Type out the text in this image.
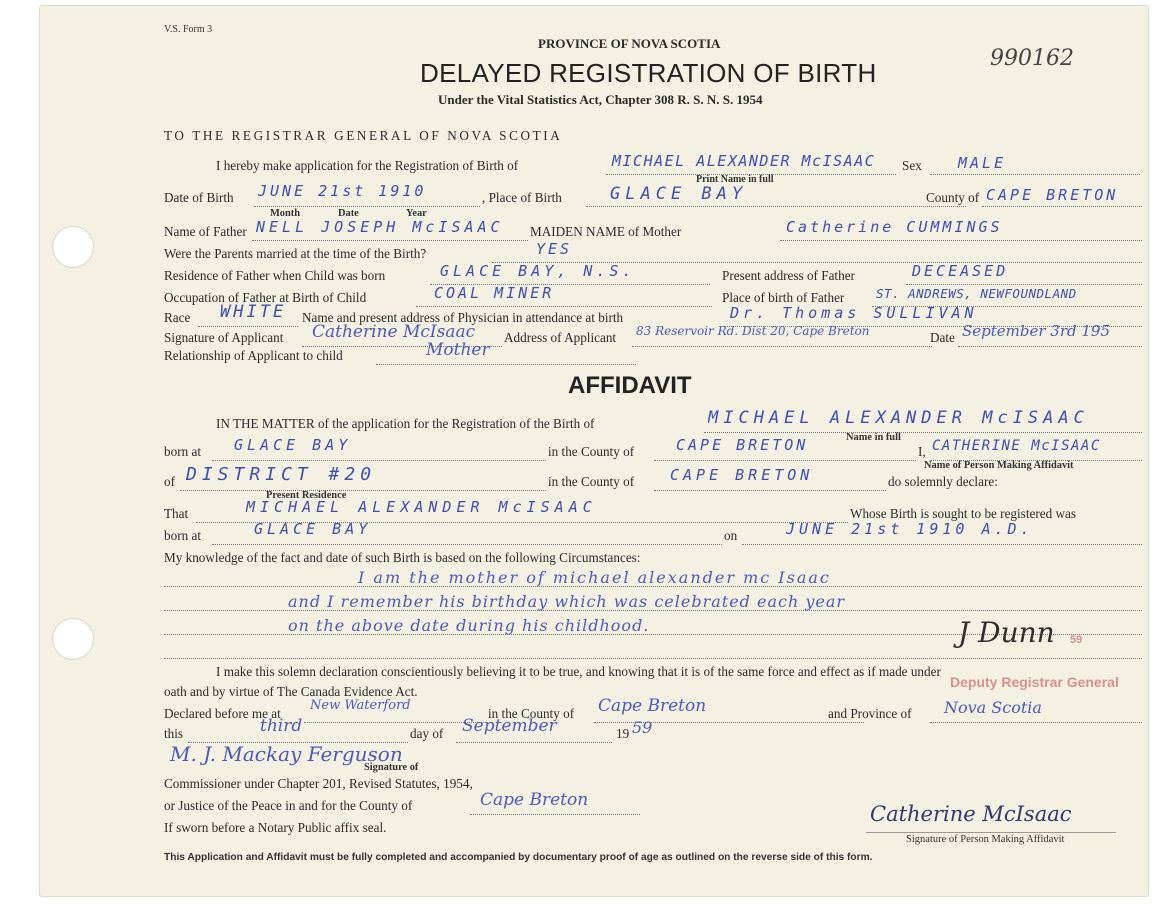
V.S. Form 3
PROVINCE OF NOVA SCOTIA
DELAYED REGISTRATION OF BIRTH
Under the Vital Statistics Act, Chapter 308 R. S. N. S. 1954
990162
TO THE REGISTRAR GENERAL OF NOVA SCOTIA
I hereby make application for the Registration of Birth of	MICHAEL ALEXANDER McISAAC
Print Name in full
Sex MALE
Date of Birth JUNE 21st 1910
Month	Date	Year
, Place of Birth	GLACE BAY	County of CAPE BRETON
Name of Father NELL JOSEPH McISAAC MAIDEN NAME of Mother	Catherine CUMMINGS
Were the Parents married at the time of the Birth?	YES
Residence of Father when Child was born	GLACE BAY, N.S.	Present address of Father	DECEASED
Occupation of Father at Birth of Child	COAL MINER	Place of birth of Father	ST. ANDREWS, NEWFOUNDLAND
Race WHITE Name and present address of Physician in attendance at birth	Dr. Thomas SULLIVAN
Signature of Applicant Catherine McIsaac Address of Applicant 83 Reservoir Rd. Dist 20, Cape Breton	Date September 3rd 195
Relationship of Applicant to child	Mother
AFFIDAVIT
IN THE MATTER of the application for the Registration of the Birth of	MICHAEL ALEXANDER McISAAC
Name in full
born at GLACE BAY	in the County of	CAPE BRETON	I, CATHERINE McISAAC
Name of Person Making Affidavit
of DISTRICT #20
Present Residence
in the County of CAPE BRETON	do solemnly declare:
That	MICHAEL ALEXANDER McISAAC	Whose Birth is sought to be registered was
born at	GLACE BAY	on	JUNE 21st 1910 A.D.
My knowledge of the fact and date of such Birth is based on the following Circumstances:
I am the mother of michael alexander mc Isaac
and I remember his birthday which was celebrated each year
on the above date during his childhood.
59
J Dunn
Deputy Registrar General
I make this solemn declaration conscientiously believing it to be true, and knowing that it is of the same force and effect as if made under
oath and by virtue of The Canada Evidence Act.
Declared before me at
New Waterford
in the County of Cape Breton	and Province of Nova Scotia
this	third	day of September	19 59
M. J. Mackay Ferguson
Signature of
Commissioner under Chapter 201, Revised Statutes, 1954,
or Justice of the Peace in and for the County of	Cape Breton
If sworn before a Notary Public affix seal.
Catherine McIsaac
Signature of Person Making Affidavit
This Application and Affidavit must be fully completed and accompanied by documentary proof of age as outlined on the reverse side of this form.
